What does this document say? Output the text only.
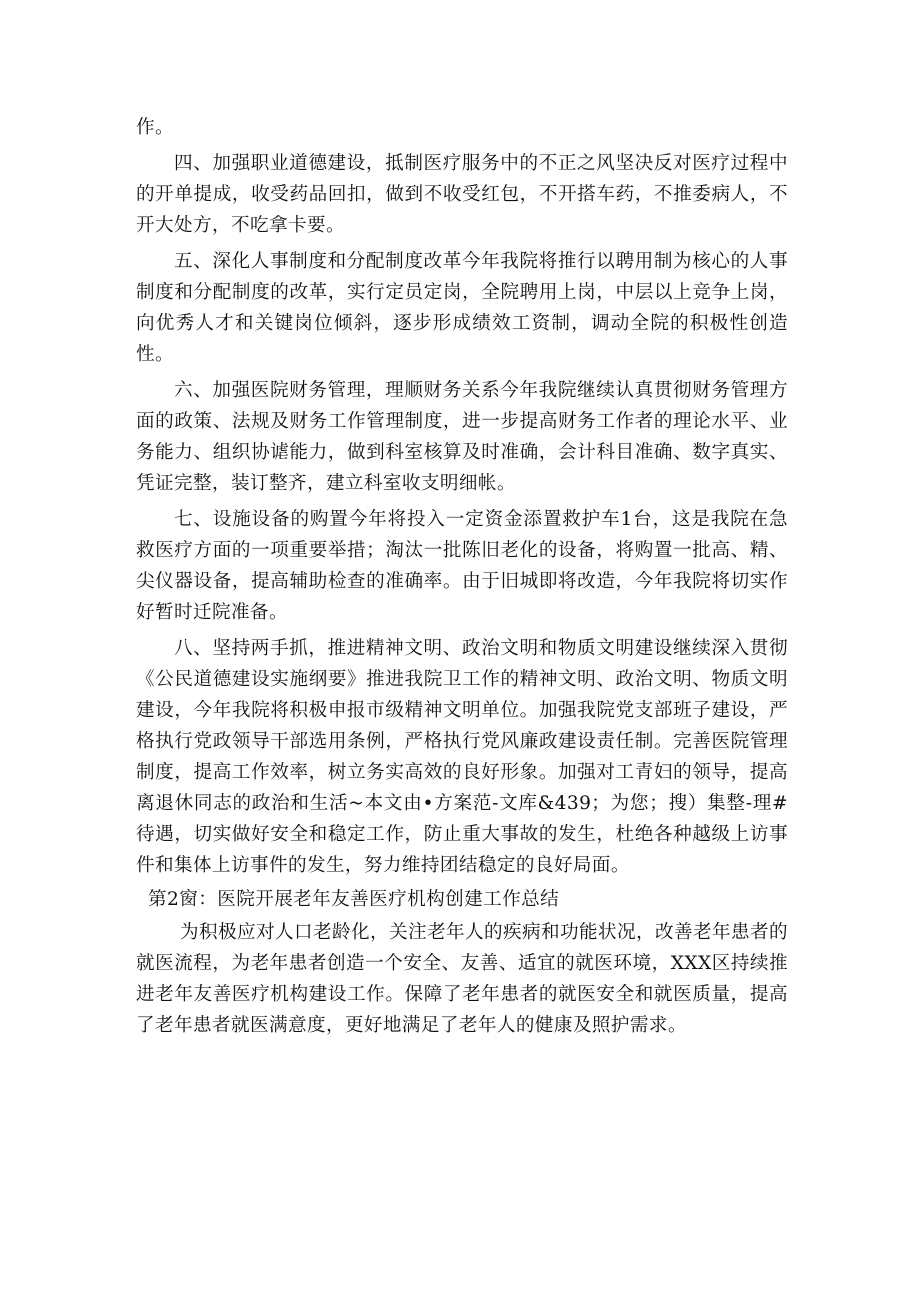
作。

四、加强职业道德建设，抵制医疗服务中的不正之风坚决反对医疗过程中的开单提成，收受药品回扣，做到不收受红包，不开搭车药，不推委病人，不开大处方，不吃拿卡要。

五、深化人事制度和分配制度改革今年我院将推行以聘用制为核心的人事制度和分配制度的改革，实行定员定岗，全院聘用上岗，中层以上竞争上岗，向优秀人才和关键岗位倾斜，逐步形成绩效工资制，调动全院的积极性创造性。

六、加强医院财务管理，理顺财务关系今年我院继续认真贯彻财务管理方面的政策、法规及财务工作管理制度，进一步提高财务工作者的理论水平、业务能力、组织协谑能力，做到科室核算及时准确，会计科目准确、数字真实、凭证完整，装订整齐，建立科室收支明细帐。

七、设施设备的购置今年将投入一定资金添置救护车1台，这是我院在急救医疗方面的一项重要举措；淘汰一批陈旧老化的设备，将购置一批高、精、尖仪器设备，提高辅助检查的准确率。由于旧城即将改造，今年我院将切实作好暂时迁院准备。

八、坚持两手抓，推进精神文明、政治文明和物质文明建设继续深入贯彻《公民道德建设实施纲要》推进我院卫工作的精神文明、政治文明、物质文明建设，今年我院将积极申报市级精神文明单位。加强我院党支部班子建设，严格执行党政领导干部选用条例，严格执行党风廉政建设责任制。完善医院管理制度，提高工作效率，树立务实高效的良好形象。加强对工青妇的领导，提高离退休同志的政治和生活~本文由•方案范-文库&439；为您；搜）集整-理#待遇，切实做好安全和稳定工作，防止重大事故的发生，杜绝各种越级上访事件和集体上访事件的发生，努力维持团结稳定的良好局面。

第2窗：医院开展老年友善医疗机构创建工作总结

为积极应对人口老龄化，关注老年人的疾病和功能状况，改善老年患者的就医流程，为老年患者创造一个安全、友善、适宜的就医环境，XXX区持续推进老年友善医疗机构建设工作。保障了老年患者的就医安全和就医质量，提高了老年患者就医满意度，更好地满足了老年人的健康及照护需求。
